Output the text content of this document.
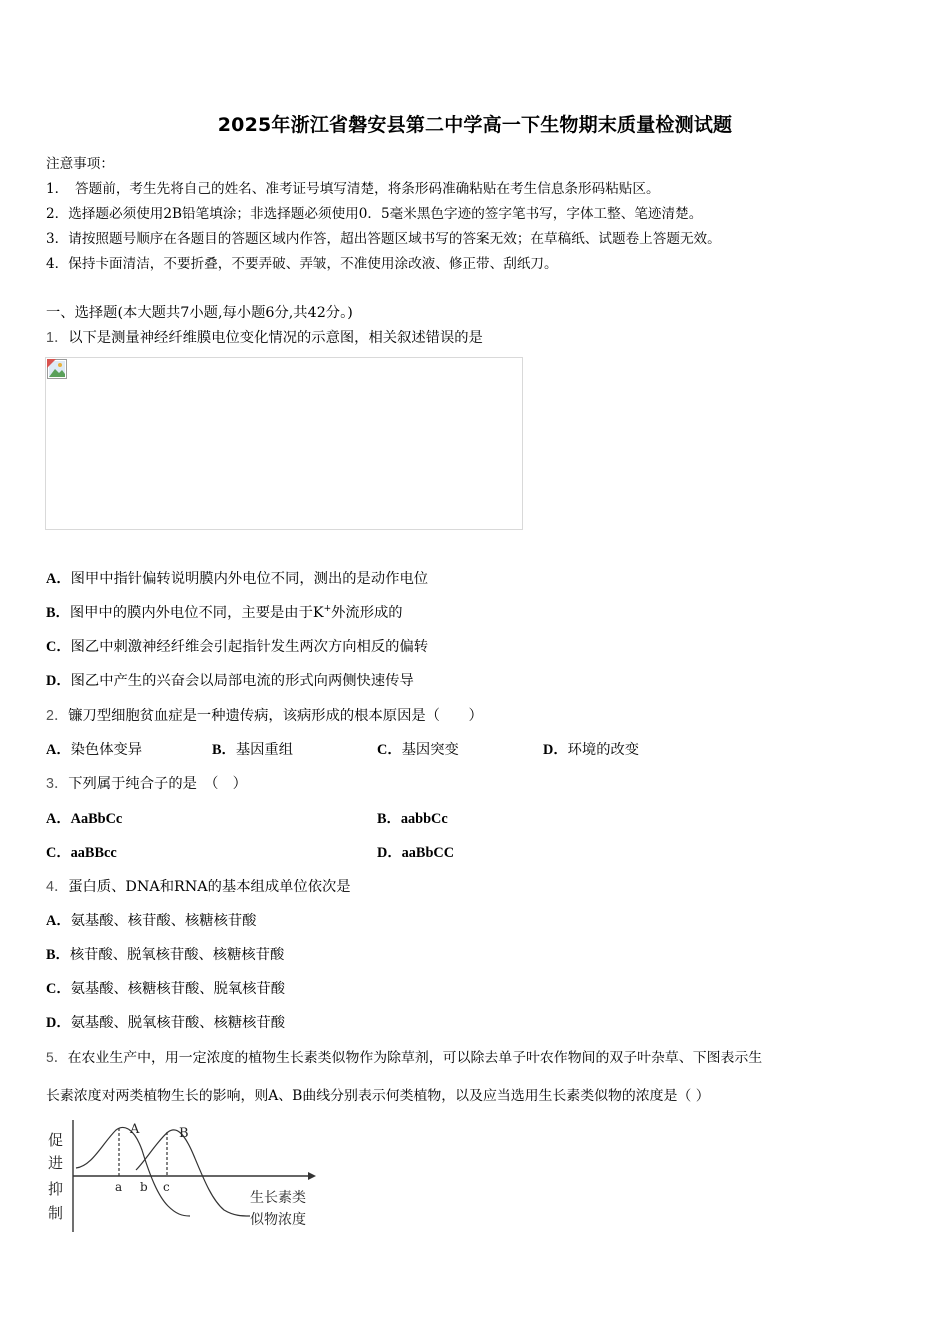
2025年浙江省磐安县第二中学高一下生物期末质量检测试题
注意事项：
1．　答题前，考生先将自己的姓名、准考证号填写清楚，将条形码准确粘贴在考生信息条形码粘贴区。
2．选择题必须使用2B铅笔填涂；非选择题必须使用0．5毫米黑色字迹的签字笔书写，字体工整、笔迹清楚。
3．请按照题号顺序在各题目的答题区域内作答，超出答题区域书写的答案无效；在草稿纸、试题卷上答题无效。
4．保持卡面清洁，不要折叠，不要弄破、弄皱，不准使用涂改液、修正带、刮纸刀。
一、选择题(本大题共7小题,每小题6分,共42分。)
1．以下是测量神经纤维膜电位变化情况的示意图，相关叙述错误的是
A．图甲中指针偏转说明膜内外电位不同，测出的是动作电位
B．图甲中的膜内外电位不同，主要是由于K+外流形成的
C．图乙中刺激神经纤维会引起指针发生两次方向相反的偏转
D．图乙中产生的兴奋会以局部电流的形式向两侧快速传导
2．镰刀型细胞贫血症是一种遗传病，该病形成的根本原因是（　　）
A．染色体变异	B．基因重组	C．基因突变	D．环境的改变
3．下列属于纯合子的是　（　）
A．AaBbCc	B．aabbCc
C．aaBBcc	D．aaBbCC
4．蛋白质、DNA和RNA的基本组成单位依次是
A．氨基酸、核苷酸、核糖核苷酸
B．核苷酸、脱氧核苷酸、核糖核苷酸
C．氨基酸、核糖核苷酸、脱氧核苷酸
D．氨基酸、脱氧核苷酸、核糖核苷酸
5．在农业生产中，用一定浓度的植物生长素类似物作为除草剂，可以除去单子叶农作物间的双子叶杂草、下图表示生
长素浓度对两类植物生长的影响，则A、B曲线分别表示何类植物，以及应当选用生长素类似物的浓度是（ ）
促
进
抑
制
A	B
a b c
生长素类
似物浓度
